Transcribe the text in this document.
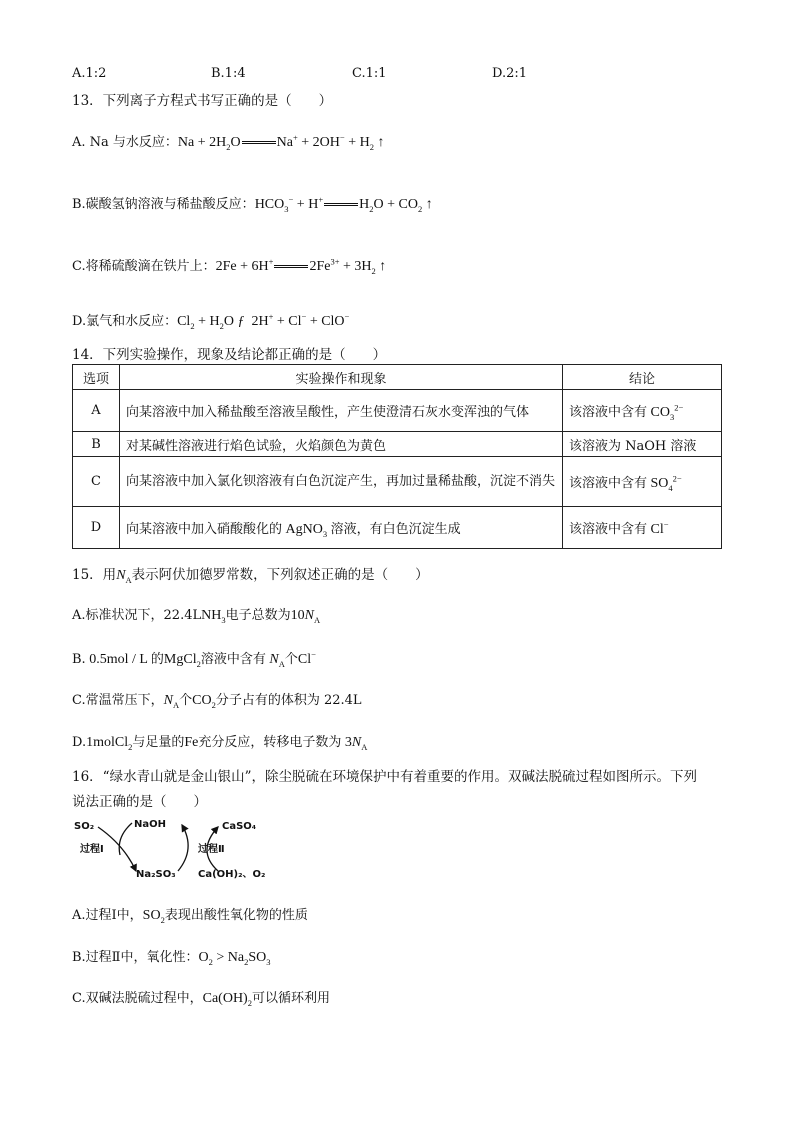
A.1:2	B.1:4	C.1:1	D.2:1
13．下列离子方程式书写正确的是（　　）
A. Na 与水反应：$Na + 2H_2O$	$Na^+ + 2OH^- + H_2$ ↑
B.碳酸氢钠溶液与稀盐酸反应：$HCO_3^- + H^+$	$H_2O + CO_2$ ↑
C.将稀硫酸滴在铁片上：2Fe + 6H+	$2Fe^{3+} + 3H_2$ ↑
D.氯气和水反应：$Cl_2 + H_2O$ ƒ  2H+ + Cl− + ClO−
14．下列实验操作，现象及结论都正确的是（　　）
选项	实验操作和现象	结论
A	向某溶液中加入稀盐酸至溶液呈酸性，产生使澄清石灰水变浑浊的气体	该溶液中含有 $CO_3^{2-}$
B	对某碱性溶液进行焰色试验，火焰颜色为黄色	该溶液为 NaOH 溶液
C	向某溶液中加入氯化钡溶液有白色沉淀产生，再加过量稀盐酸，沉淀不消失	该溶液中含有 $SO_4^{2-}$
D	向某溶液中加入硝酸酸化的 AgNO$_3$ 溶液，有白色沉淀生成	该溶液中含有 Cl−
15．用$N_A$表示阿伏加德罗常数，下列叙述正确的是（　　）
A.标准状况下，$22.4LNH_3$电子总数为$10N_A$
B. 0.5mol / L 的MgCl$_2$溶液中含有 $N_A$个Cl−
C.常温常压下，$N_A$个$CO_2$分子占有的体积为 22.4L
D.1molCl$_2$与足量的Fe充分反应，转移电子数为 $3N_A$
16．“绿水青山就是金山银山”，除尘脱硫在环境保护中有着重要的作用。双碱法脱硫过程如图所示。下列
说法正确的是（　　）
SO₂	NaOH	CaSO₄
过程Ⅰ	过程Ⅱ
Na₂SO₃ Ca(OH)₂、O₂
A.过程Ⅰ中，$SO_2$表现出酸性氧化物的性质
B.过程Ⅱ中，氧化性：$O_2 > Na_2SO_3$
C.双碱法脱硫过程中，$Ca(OH)_2$可以循环利用
